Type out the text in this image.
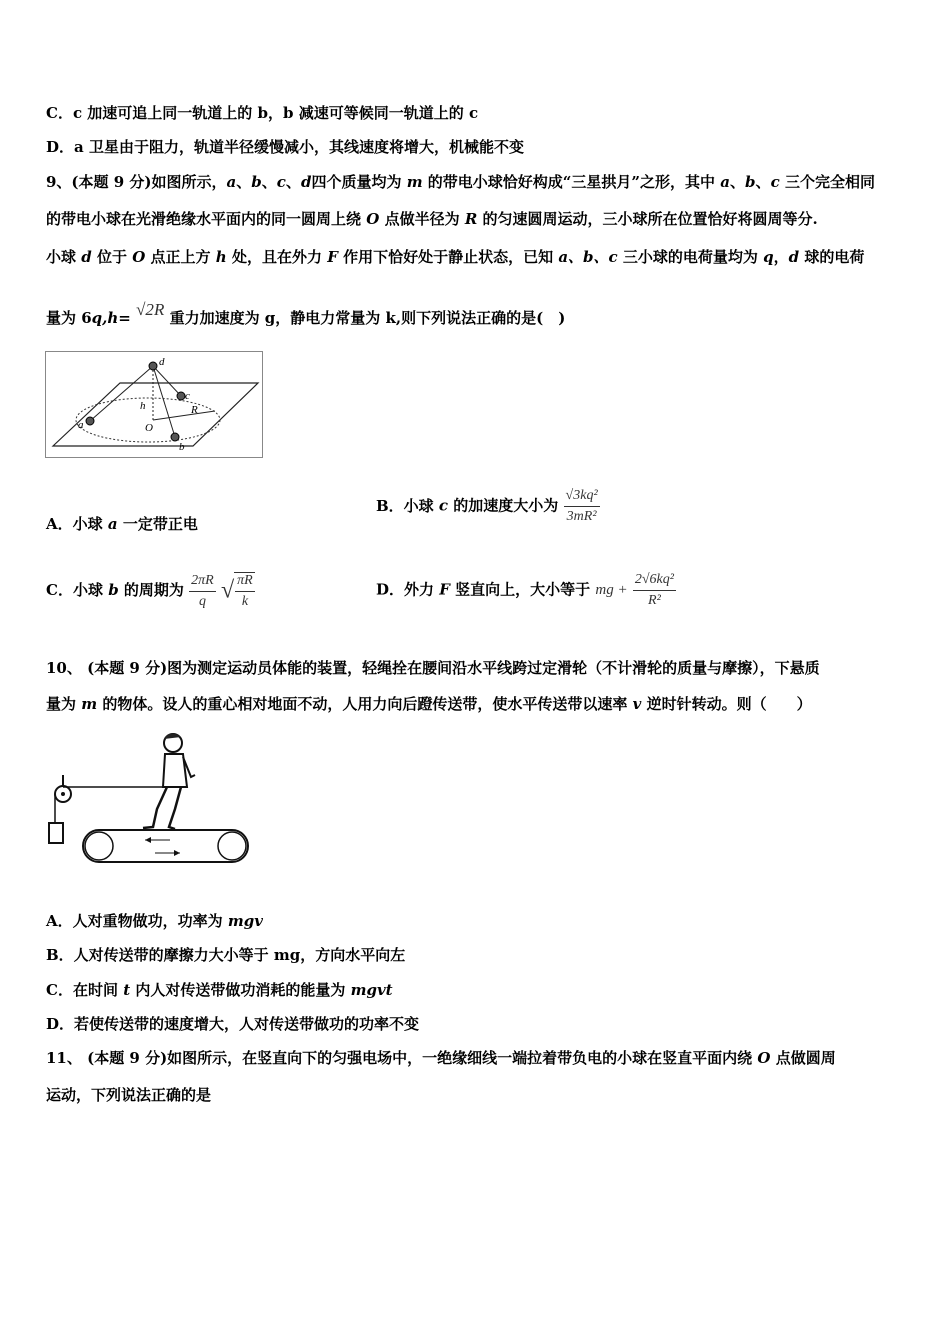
C．c 加速可追上同一轨道上的 b，b 减速可等候同一轨道上的 c
D．a 卫星由于阻力，轨道半径缓慢减小，其线速度将增大，机械能不变
9、(本题 9 分)如图所示，a、b、c、d四个质量均为 m 的带电小球恰好构成“三星拱月”之形，其中 a、b、c 三个完全相同
的带电小球在光滑绝缘水平面内的同一圆周上绕 O 点做半径为 R 的匀速圆周运动，三小球所在位置恰好将圆周等分.
小球 d 位于 O 点正上方 h 处，且在外力 F 作用下恰好处于静止状态，已知 a、b、c 三小球的电荷量均为 q，d 球的电荷
量为 6q,h= √2R 重力加速度为 g，静电力常量为 k,则下列说法正确的是(　)
d
c
h
O
R
a
b
A．小球 a 一定带正电
B．小球 c 的加速度大小为 $\frac{\text{√3kq²}}{\text{3mR²}}$
C．小球 b 的周期为 $\frac{2\pi R}{q}$ √ $\frac{\pi R}{k}$	D．外力 F 竖直向上，大小等于 mg + $\frac{\text{2√6kq²}}{\text{R²}}$
10、 (本题 9 分)图为测定运动员体能的装置，轻绳拴在腰间沿水平线跨过定滑轮（不计滑轮的质量与摩擦），下悬质
量为 m 的物体。设人的重心相对地面不动，人用力向后蹬传送带，使水平传送带以速率 v 逆时针转动。则（　　）
A．人对重物做功，功率为 mgv
B．人对传送带的摩擦力大小等于 mg，方向水平向左
C．在时间 t 内人对传送带做功消耗的能量为 mgvt
D．若使传送带的速度增大，人对传送带做功的功率不变
11、 (本题 9 分)如图所示，在竖直向下的匀强电场中，一绝缘细线一端拉着带负电的小球在竖直平面内绕 O 点做圆周
运动，下列说法正确的是
